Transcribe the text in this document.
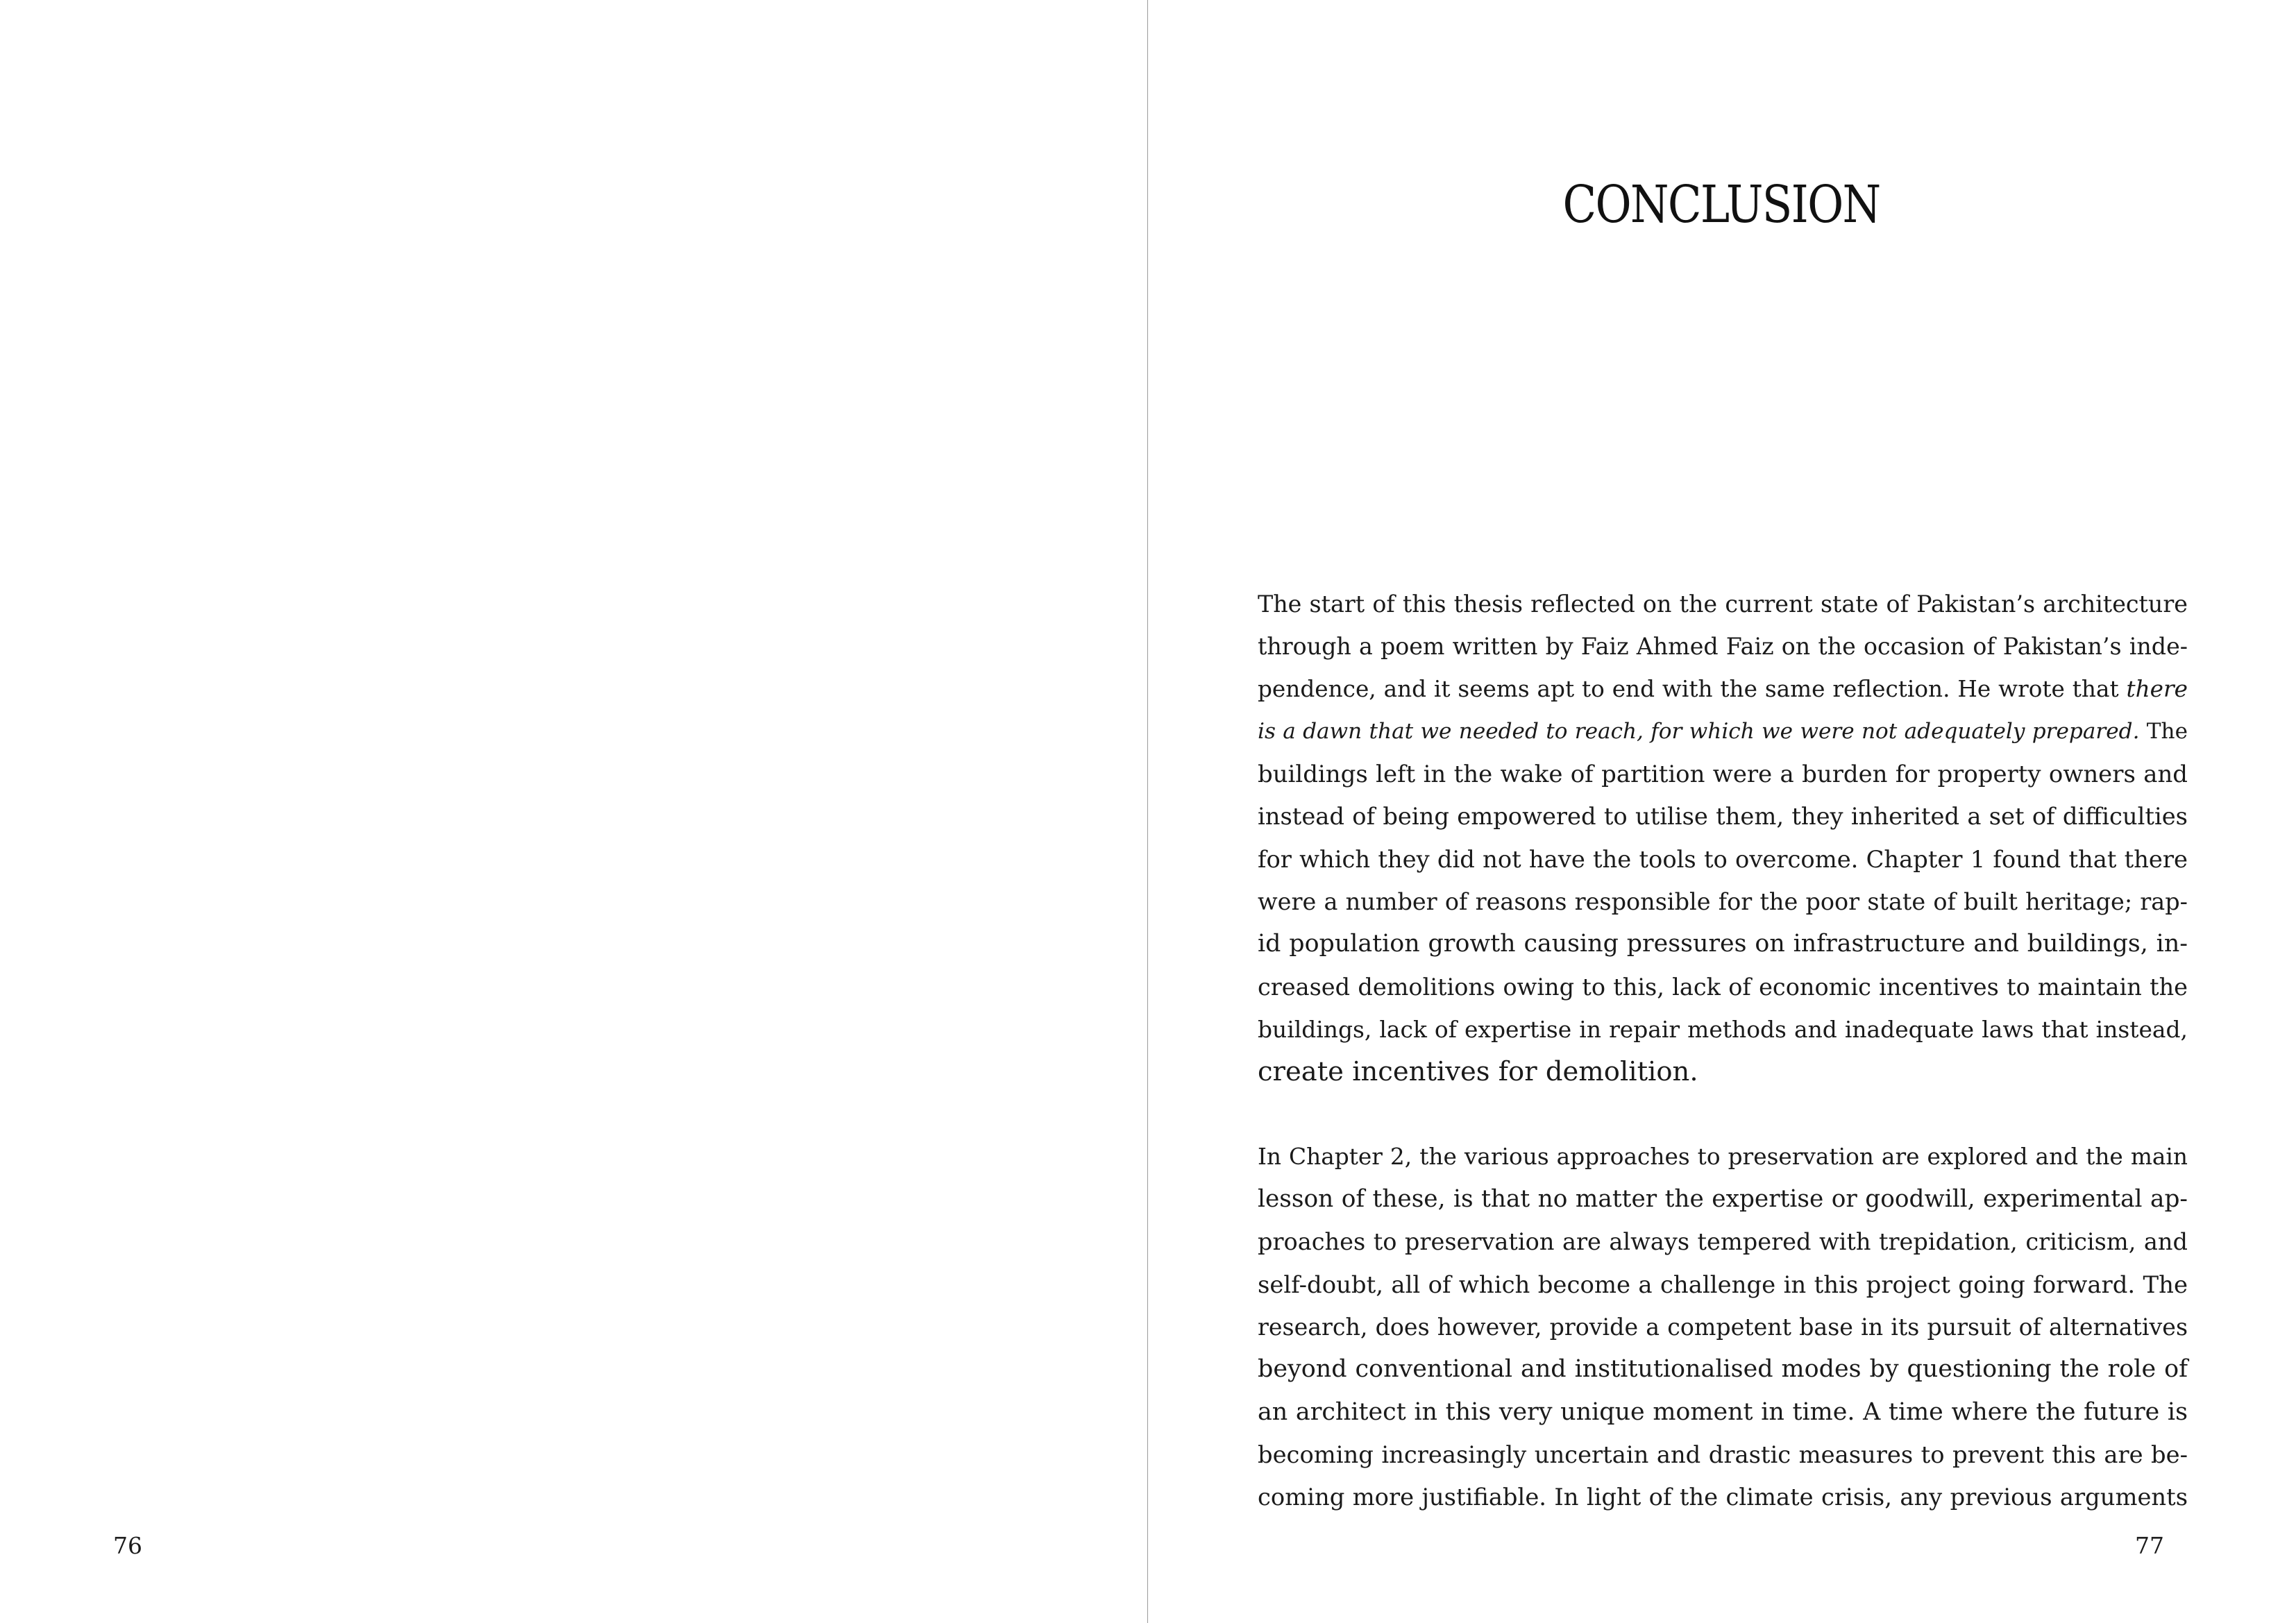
76
CONCLUSION
The start of this thesis reflected on the current state of Pakistan’s architecture
through a poem written by Faiz Ahmed Faiz on the occasion of Pakistan’s inde-
pendence, and it seems apt to end with the same reflection. He wrote that there
is a dawn that we needed to reach, for which we were not adequately prepared. The
buildings left in the wake of partition were a burden for property owners and
instead of being empowered to utilise them, they inherited a set of difficulties
for which they did not have the tools to overcome. Chapter 1 found that there
were a number of reasons responsible for the poor state of built heritage; rap-
id population growth causing pressures on infrastructure and buildings, in-
creased demolitions owing to this, lack of economic incentives to maintain the
buildings, lack of expertise in repair methods and inadequate laws that instead,
create incentives for demolition.
In Chapter 2, the various approaches to preservation are explored and the main
lesson of these, is that no matter the expertise or goodwill, experimental ap-
proaches to preservation are always tempered with trepidation, criticism, and
self-doubt, all of which become a challenge in this project going forward. The
research, does however, provide a competent base in its pursuit of alternatives
beyond conventional and institutionalised modes by questioning the role of
an architect in this very unique moment in time. A time where the future is
becoming increasingly uncertain and drastic measures to prevent this are be-
coming more justifiable. In light of the climate crisis, any previous arguments
77
